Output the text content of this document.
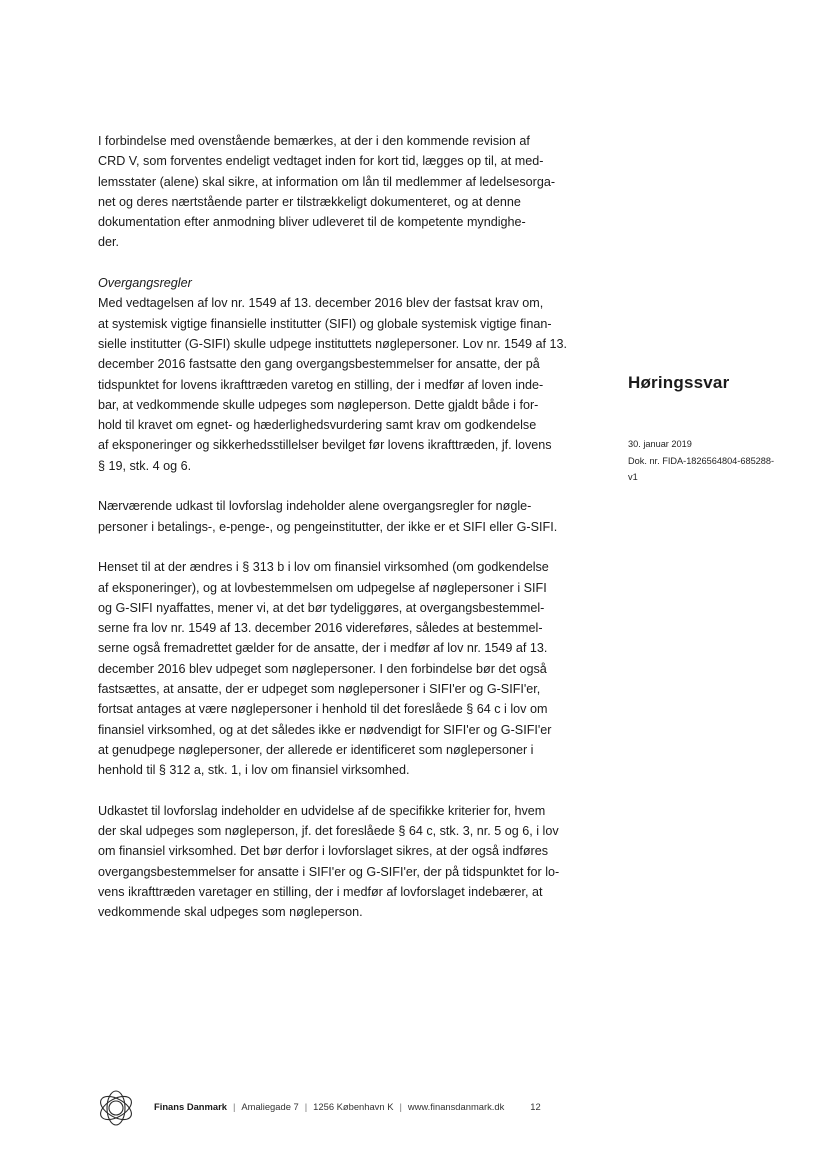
I forbindelse med ovenstående bemærkes, at der i den kommende revision af
CRD V, som forventes endeligt vedtaget inden for kort tid, lægges op til, at med-
lemsstater (alene) skal sikre, at information om lån til medlemmer af ledelsesorga-
net og deres nærtstående parter er tilstrækkeligt dokumenteret, og at denne
dokumentation efter anmodning bliver udleveret til de kompetente myndighe-
der.

Overgangsregler

Med vedtagelsen af lov nr. 1549 af 13. december 2016 blev der fastsat krav om,
at systemisk vigtige finansielle institutter (SIFI) og globale systemisk vigtige finan-
sielle institutter (G-SIFI) skulle udpege instituttets nøglepersoner. Lov nr. 1549 af 13.
december 2016 fastsatte den gang overgangsbestemmelser for ansatte, der på
tidspunktet for lovens ikrafttræden varetog en stilling, der i medfør af loven inde-
bar, at vedkommende skulle udpeges som nøgleperson. Dette gjaldt både i for-
hold til kravet om egnet- og hæderlighedsvurdering samt krav om godkendelse
af eksponeringer og sikkerhedsstillelser bevilget før lovens ikrafttræden, jf. lovens
§ 19, stk. 4 og 6.

Nærværende udkast til lovforslag indeholder alene overgangsregler for nøgle-
personer i betalings-, e-penge-, og pengeinstitutter, der ikke er et SIFI eller G-SIFI.

Henset til at der ændres i § 313 b i lov om finansiel virksomhed (om godkendelse
af eksponeringer), og at lovbestemmelsen om udpegelse af nøglepersoner i SIFI
og G-SIFI nyaffattes, mener vi, at det bør tydeliggøres, at overgangsbestemmel-
serne fra lov nr. 1549 af 13. december 2016 videreføres, således at bestemmel-
serne også fremadrettet gælder for de ansatte, der i medfør af lov nr. 1549 af 13.
december 2016 blev udpeget som nøglepersoner. I den forbindelse bør det også
fastsættes, at ansatte, der er udpeget som nøglepersoner i SIFI'er og G-SIFI'er,
fortsat antages at være nøglepersoner i henhold til det foreslåede § 64 c i lov om
finansiel virksomhed, og at det således ikke er nødvendigt for SIFI'er og G-SIFI'er
at genudpege nøglepersoner, der allerede er identificeret som nøglepersoner i
henhold til § 312 a, stk. 1, i lov om finansiel virksomhed.

Udkastet til lovforslag indeholder en udvidelse af de specifikke kriterier for, hvem
der skal udpeges som nøgleperson, jf. det foreslåede § 64 c, stk. 3, nr. 5 og 6, i lov
om finansiel virksomhed. Det bør derfor i lovforslaget sikres, at der også indføres
overgangsbestemmelser for ansatte i SIFI'er og G-SIFI'er, der på tidspunktet for lo-
vens ikrafttræden varetager en stilling, der i medfør af lovforslaget indebærer, at
vedkommende skal udpeges som nøgleperson.

Høringssvar
30. januar 2019
Dok. nr. FIDA-1826564804-685288-
v1
Finans Danmark | Amaliegade 7 | 1256 København K | www.finansdanmark.dk	12
